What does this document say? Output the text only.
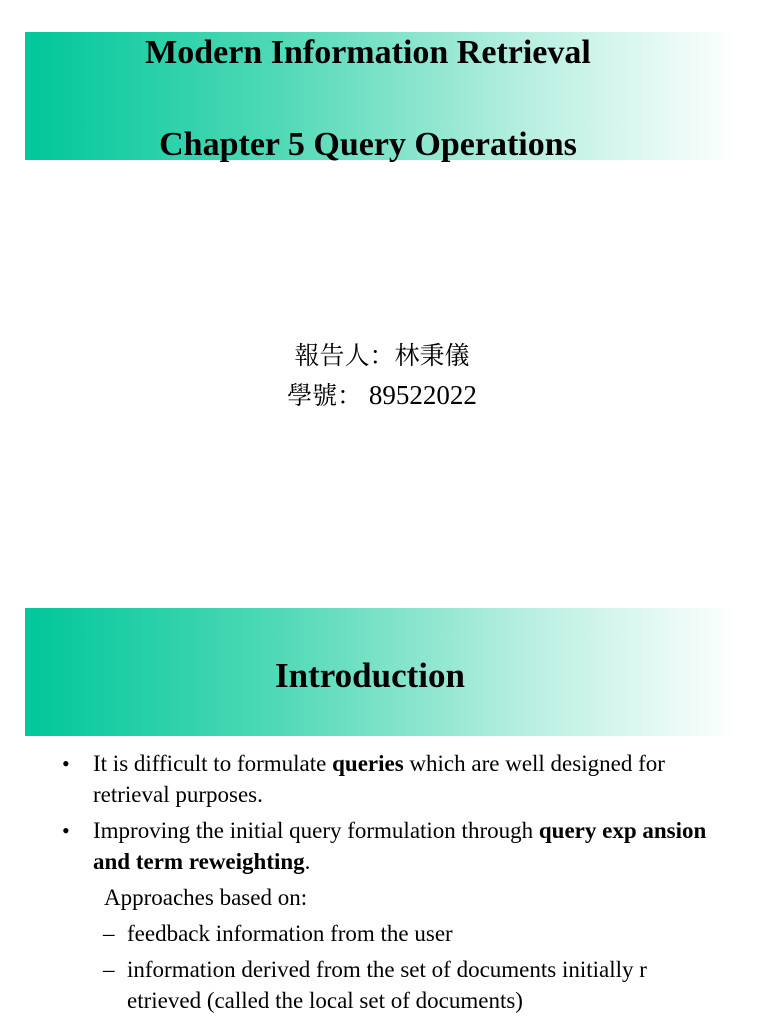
Modern Information Retrieval
Chapter 5 Query Operations
報告人：林秉儀
學號： 89522022
Introduction
• It is difficult to formulate queries which are well designed for retrieval purposes.
• Improving the initial query formulation through query exp ansion and term reweighting.
Approaches based on:
– feedback information from the user
– information derived from the set of documents initially r etrieved (called the local set of documents)
